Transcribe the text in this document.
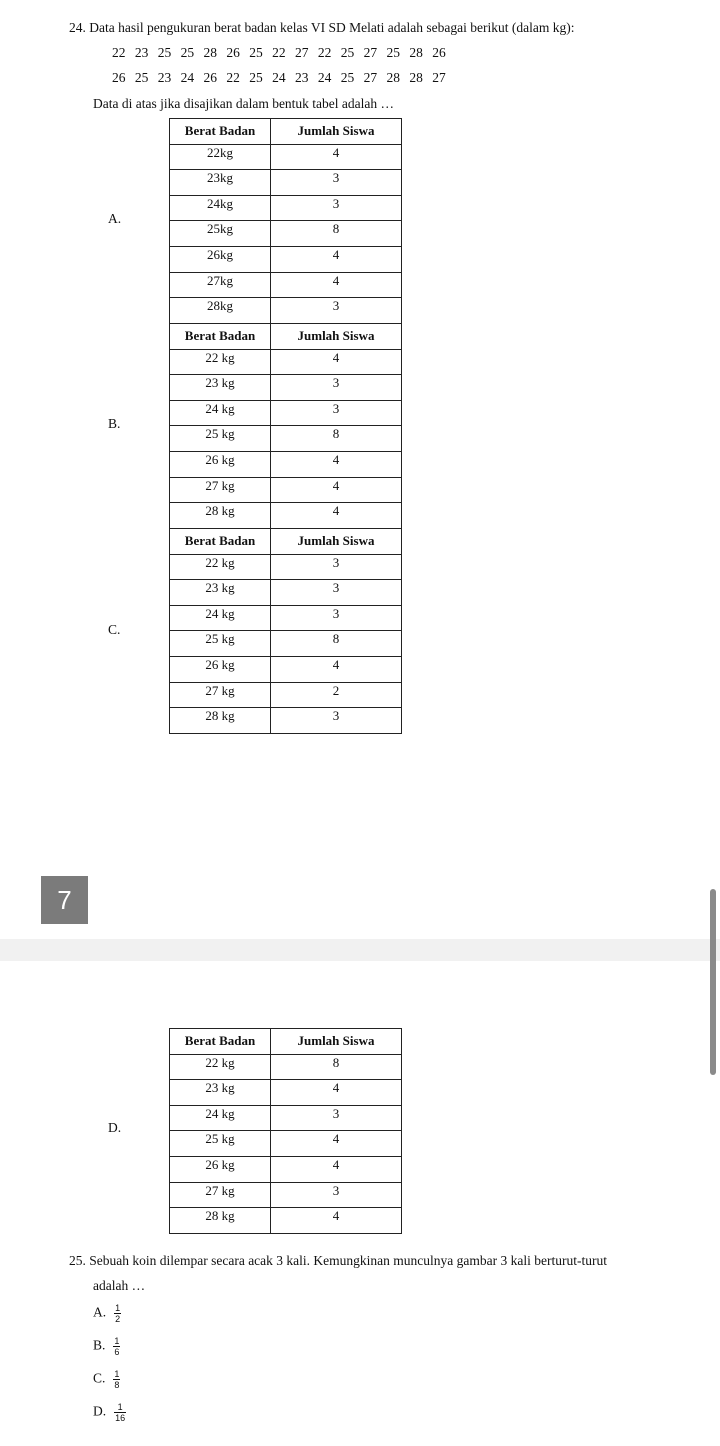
24. Data hasil pengukuran berat badan kelas VI SD Melati adalah sebagai berikut (dalam kg):
22 23 25 25 28 26 25 22 27 22 25 27 25 28 26
26 25 23 24 26 22 25 24 23 24 25 27 28 28 27
Data di atas jika disajikan dalam bentuk tabel adalah …
A.
Berat Badan	Jumlah Siswa
22kg	4
23kg	3
24kg	3
25kg	8
26kg	4
27kg	4
28kg	3
B.
Berat Badan	Jumlah Siswa
22 kg	4
23 kg	3
24 kg	3
25 kg	8
26 kg	4
27 kg	4
28 kg	4
C.
Berat Badan	Jumlah Siswa
22 kg	3
23 kg	3
24 kg	3
25 kg	8
26 kg	4
27 kg	2
28 kg	3
7
D.
Berat Badan	Jumlah Siswa
22 kg	8
23 kg	4
24 kg	3
25 kg	4
26 kg	4
27 kg	3
28 kg	4
25. Sebuah koin dilempar secara acak 3 kali. Kemungkinan munculnya gambar 3 kali berturut-turut
adalah …
A. $\frac{1}{2}$
B. $\frac{1}{6}$
C. $\frac{1}{8}$
D. $\frac{1}{16}$
